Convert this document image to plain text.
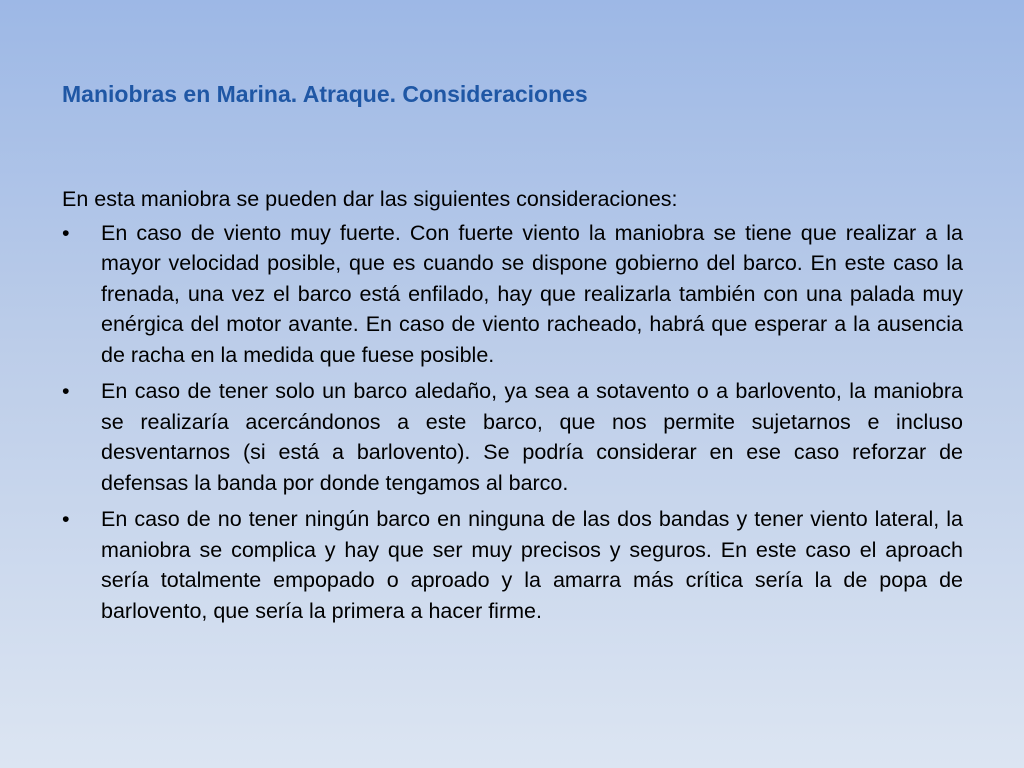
Maniobras en Marina. Atraque. Consideraciones

En esta maniobra se pueden dar las siguientes consideraciones:

• En caso de viento muy fuerte. Con fuerte viento la maniobra se tiene que realizar a la mayor velocidad posible, que es cuando se dispone gobierno del barco. En este caso la frenada, una vez el barco está enfilado, hay que realizarla también con una palada muy enérgica del motor avante. En caso de viento racheado, habrá que esperar a la ausencia de racha en la medida que fuese posible.
• En caso de tener solo un barco aledaño, ya sea a sotavento o a barlovento, la maniobra se realizaría acercándonos a este barco, que nos permite sujetarnos e incluso desventarnos (si está a barlovento). Se podría considerar en ese caso reforzar de defensas la banda por donde tengamos al barco.
• En caso de no tener ningún barco en ninguna de las dos bandas y tener viento lateral, la maniobra se complica y hay que ser muy precisos y seguros. En este caso el aproach sería totalmente empopado o aproado y la amarra más crítica sería la de popa de barlovento, que sería la primera a hacer firme.
